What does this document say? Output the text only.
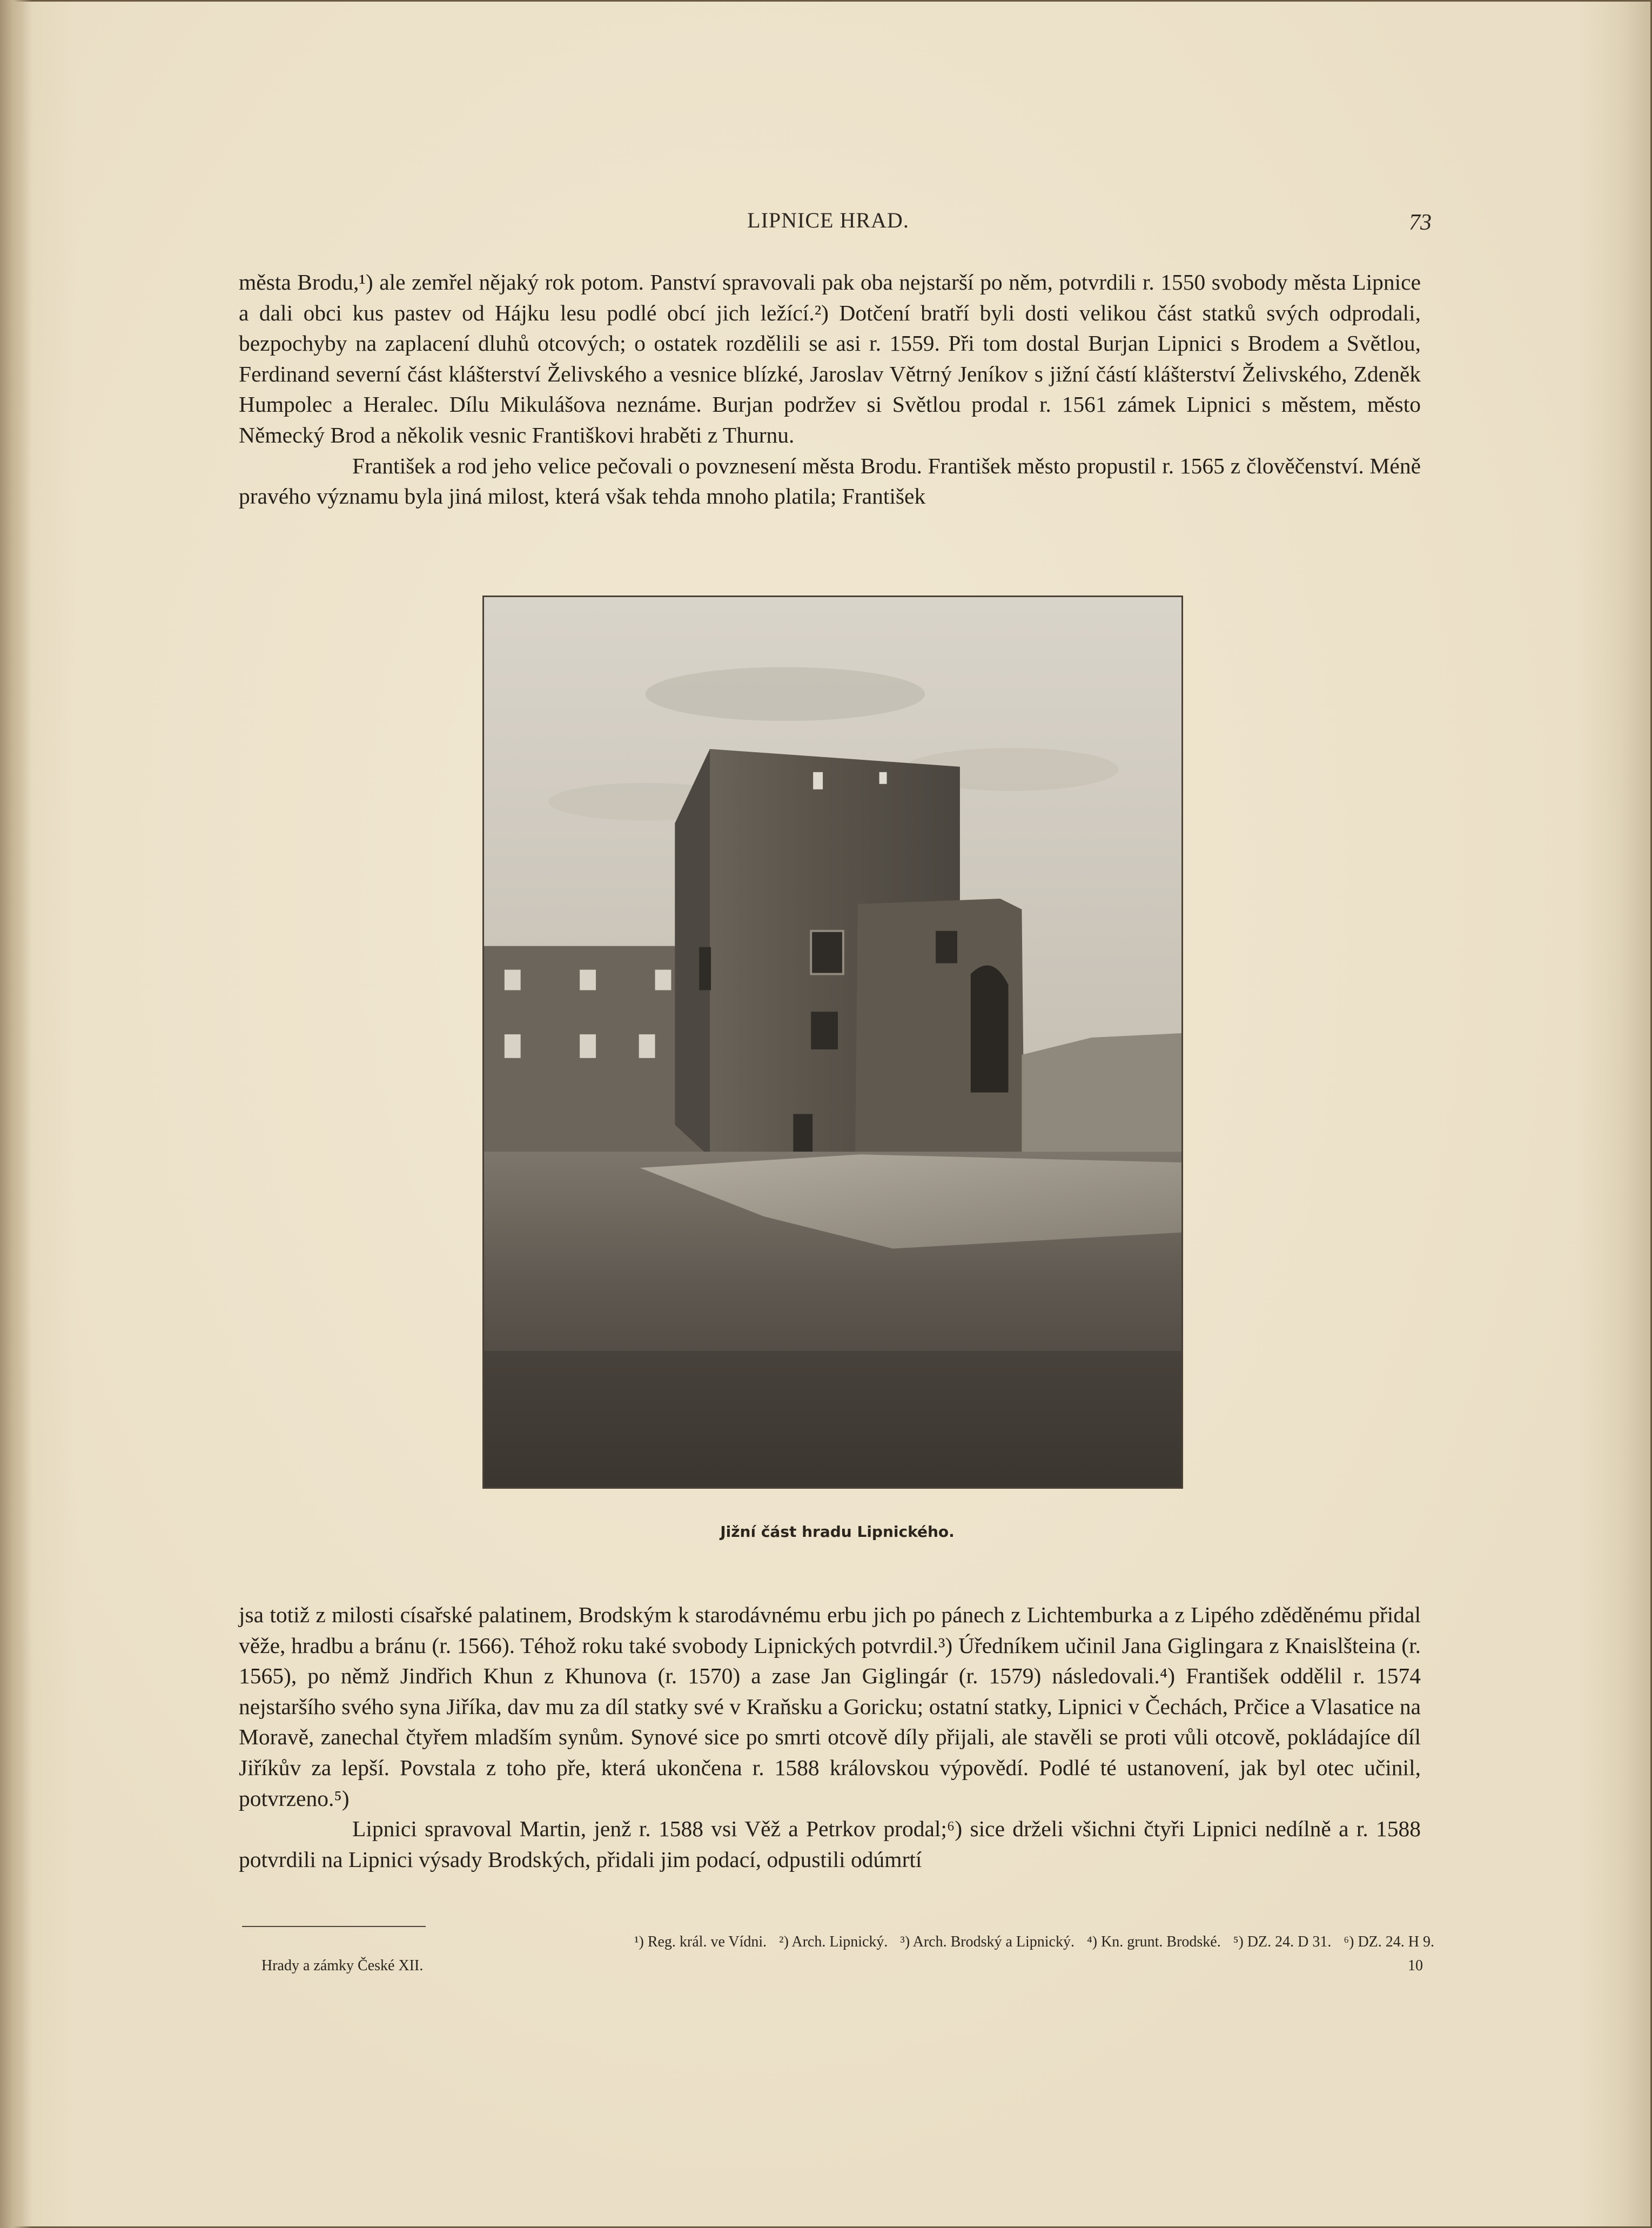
LIPNICE HRAD.	73

města Brodu,¹) ale zemřel nějaký rok potom. Panství spravovali pak oba nejstarší po něm, potvrdili r. 1550 svobody města Lipnice a dali obci kus pastev od Hájku lesu podlé obcí jich ležící.²) Dotčení bratří byli dosti velikou část statků svých odprodali, bezpochyby na zaplacení dluhů otcových; o ostatek rozdělili se asi r. 1559. Při tom dostal Burjan Lipnici s Brodem a Světlou, Ferdinand severní část klášterství Želivského a vesnice blízké, Jaroslav Větrný Jeníkov s jižní částí klášterství Želivského, Zdeněk Humpolec a Heralec. Dílu Mikulášova neznáme. Burjan podržev si Světlou prodal r. 1561 zámek Lipnici s městem, město Německý Brod a několik vesnic Františkovi hraběti z Thurnu.

František a rod jeho velice pečovali o povznesení města Brodu. František město propustil r. 1565 z člověčenství. Méně pravého významu byla jiná milost, která však tehda mnoho platila; František

Jižní část hradu Lipnického.

jsa totiž z milosti císařské palatinem, Brodským k starodávnému erbu jich po pánech z Lichtemburka a z Lipého zděděnému přidal věže, hradbu a bránu (r. 1566). Téhož roku také svobody Lipnických potvrdil.³) Úředníkem učinil Jana Giglingara z Knaislšteina (r. 1565), po němž Jindřich Khun z Khunova (r. 1570) a zase Jan Giglingár (r. 1579) následovali.⁴) František oddělil r. 1574 nejstaršího svého syna Jiříka, dav mu za díl statky své v Kraňsku a Goricku; ostatní statky, Lipnici v Čechách, Prčice a Vlasatice na Moravě, zanechal čtyřem mladším synům. Synové sice po smrti otcově díly přijali, ale stavěli se proti vůli otcově, pokládajíce díl Jiříkův za lepší. Povstala z toho pře, která ukončena r. 1588 královskou výpovědí. Podlé té ustanovení, jak byl otec učinil, potvrzeno.⁵)

Lipnici spravoval Martin, jenž r. 1588 vsi Věž a Petrkov prodal;⁶) sice drželi všichni čtyři Lipnici nedílně a r. 1588 potvrdili na Lipnici výsady Brodských, přidali jim podací, odpustili odúmrtí

¹) Reg. král. ve Vídni. ²) Arch. Lipnický. ³) Arch. Brodský a Lipnický. ⁴) Kn. grunt. Brodské. ⁵) DZ. 24. D 31. ⁶) DZ. 24. H 9.
Hrady a zámky České XII.	10
